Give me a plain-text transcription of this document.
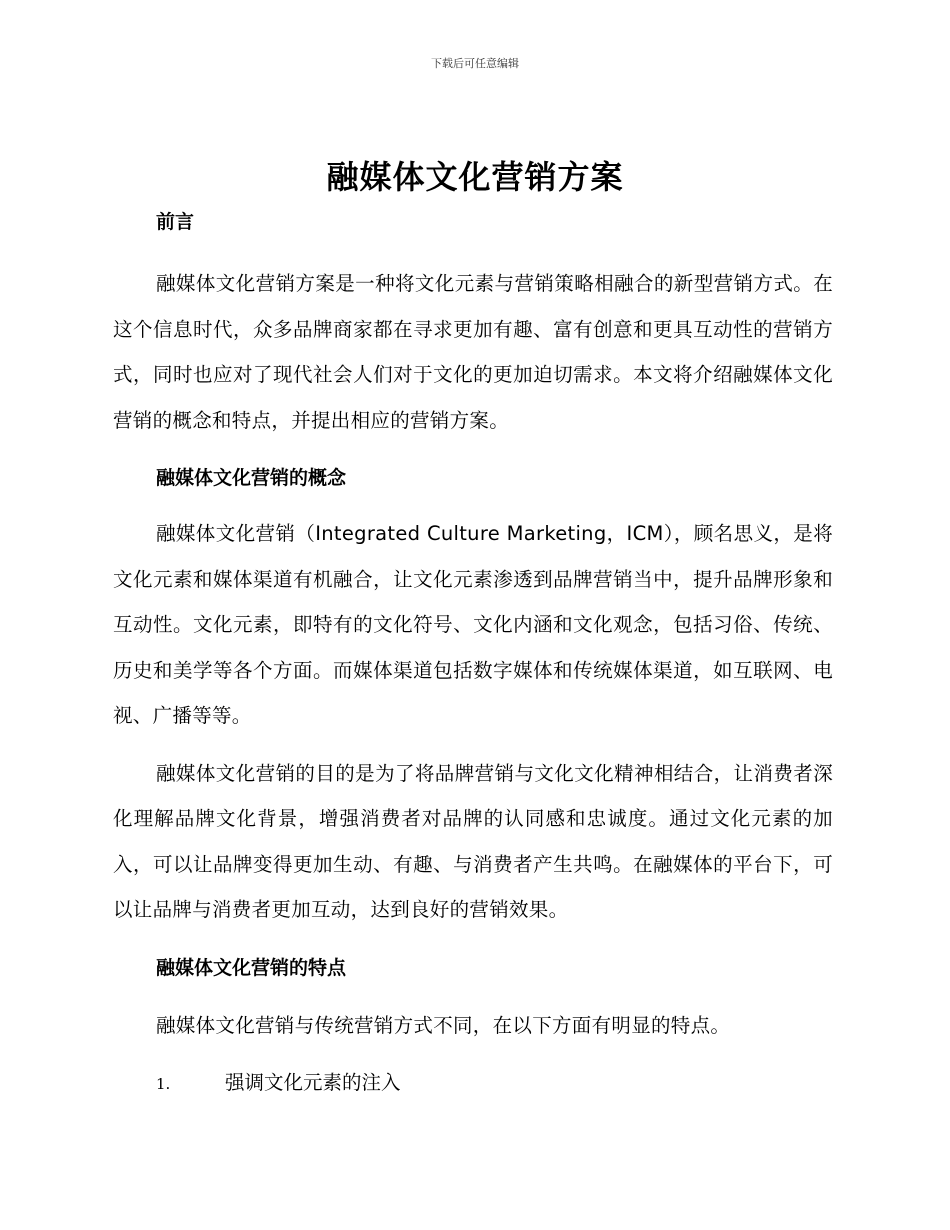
下载后可任意编辑
融媒体文化营销方案
前言

融媒体文化营销方案是一种将文化元素与营销策略相融合的新型营销方式。在这个信息时代，众多品牌商家都在寻求更加有趣、富有创意和更具互动性的营销方式，同时也应对了现代社会人们对于文化的更加迫切需求。本文将介绍融媒体文化营销的概念和特点，并提出相应的营销方案。

融媒体文化营销的概念

融媒体文化营销（Integrated Culture Marketing，ICM），顾名思义，是将文化元素和媒体渠道有机融合，让文化元素渗透到品牌营销当中，提升品牌形象和互动性。文化元素，即特有的文化符号、文化内涵和文化观念，包括习俗、传统、历史和美学等各个方面。而媒体渠道包括数字媒体和传统媒体渠道，如互联网、电视、广播等等。

融媒体文化营销的目的是为了将品牌营销与文化文化精神相结合，让消费者深化理解品牌文化背景，增强消费者对品牌的认同感和忠诚度。通过文化元素的加入，可以让品牌变得更加生动、有趣、与消费者产生共鸣。在融媒体的平台下，可以让品牌与消费者更加互动，达到良好的营销效果。

融媒体文化营销的特点

融媒体文化营销与传统营销方式不同，在以下方面有明显的特点。

1.	强调文化元素的注入
